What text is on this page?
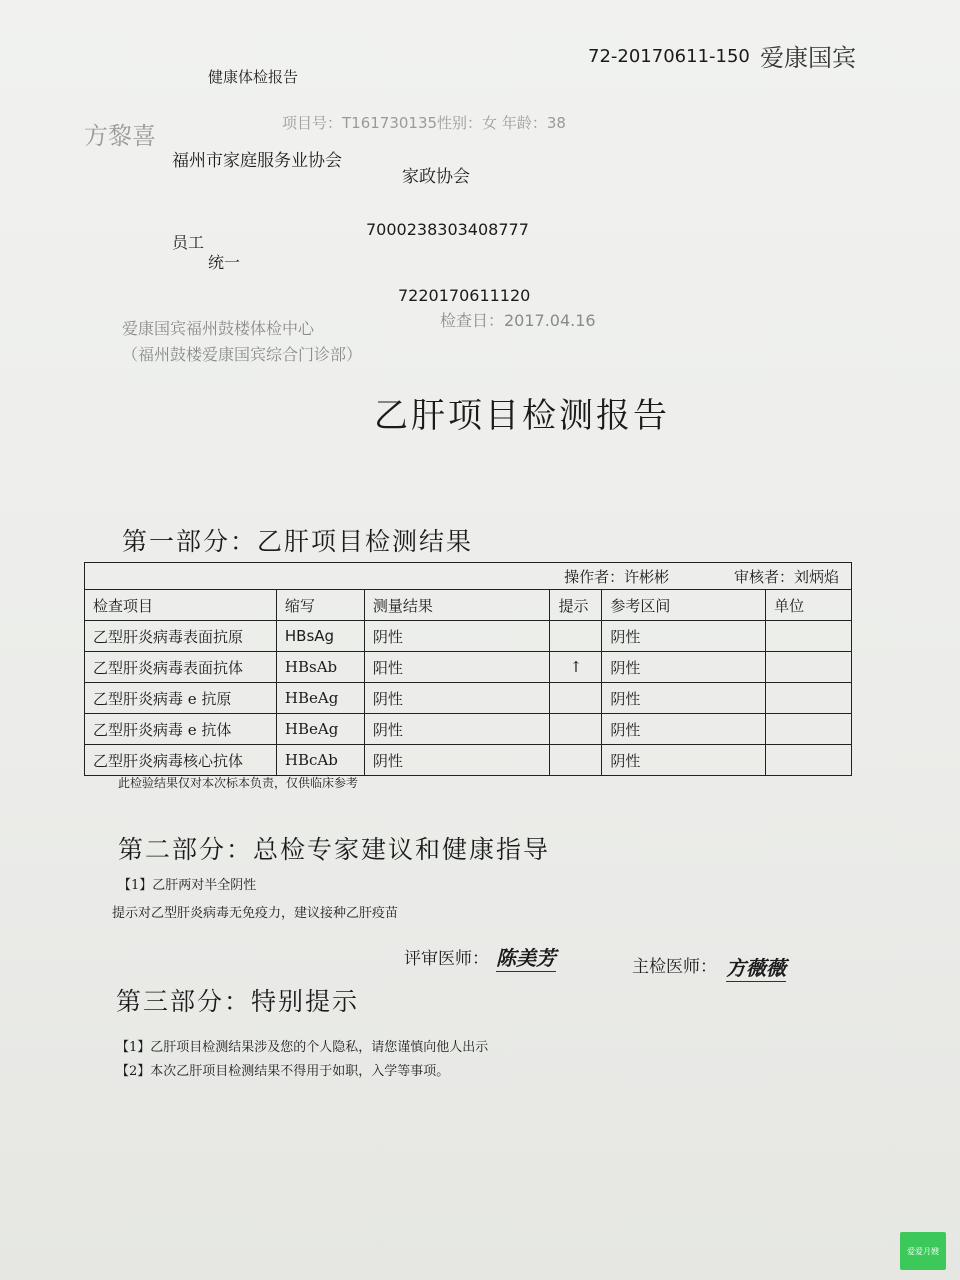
72-20170611-150 爱康国宾
健康体检报告
方黎喜	项目号：T161730135性别：女 年龄：38
福州市家庭服务业协会
家政协会
员工
统一
7000238303408777
7220170611120
爱康国宾福州鼓楼体检中心	检查日：2017.04.16
（福州鼓楼爱康国宾综合门诊部）
乙肝项目检测报告
第一部分：乙肝项目检测结果
操作者：许彬彬 审核者：刘炳焰					
检查项目	缩写	测量结果	提示	参考区间	单位
乙型肝炎病毒表面抗原	HBsAg	阴性		阴性	
乙型肝炎病毒表面抗体	HBsAb	阳性	↑	阴性	
乙型肝炎病毒 e 抗原	HBeAg	阴性		阴性	
乙型肝炎病毒 e 抗体	HBeAg	阴性		阴性	
乙型肝炎病毒核心抗体	HBcAb	阴性		阴性	
此检验结果仅对本次标本负责，仅供临床参考
第二部分：总检专家建议和健康指导
【1】乙肝两对半全阴性
提示对乙型肝炎病毒无免疫力，建议接种乙肝疫苗
评审医师： 陈美芳	主检医师： 方薇薇
第三部分：特别提示
【1】乙肝项目检测结果涉及您的个人隐私，请您谨慎向他人出示
【2】本次乙肝项目检测结果不得用于如职，入学等事项。
爱爱月嫂
